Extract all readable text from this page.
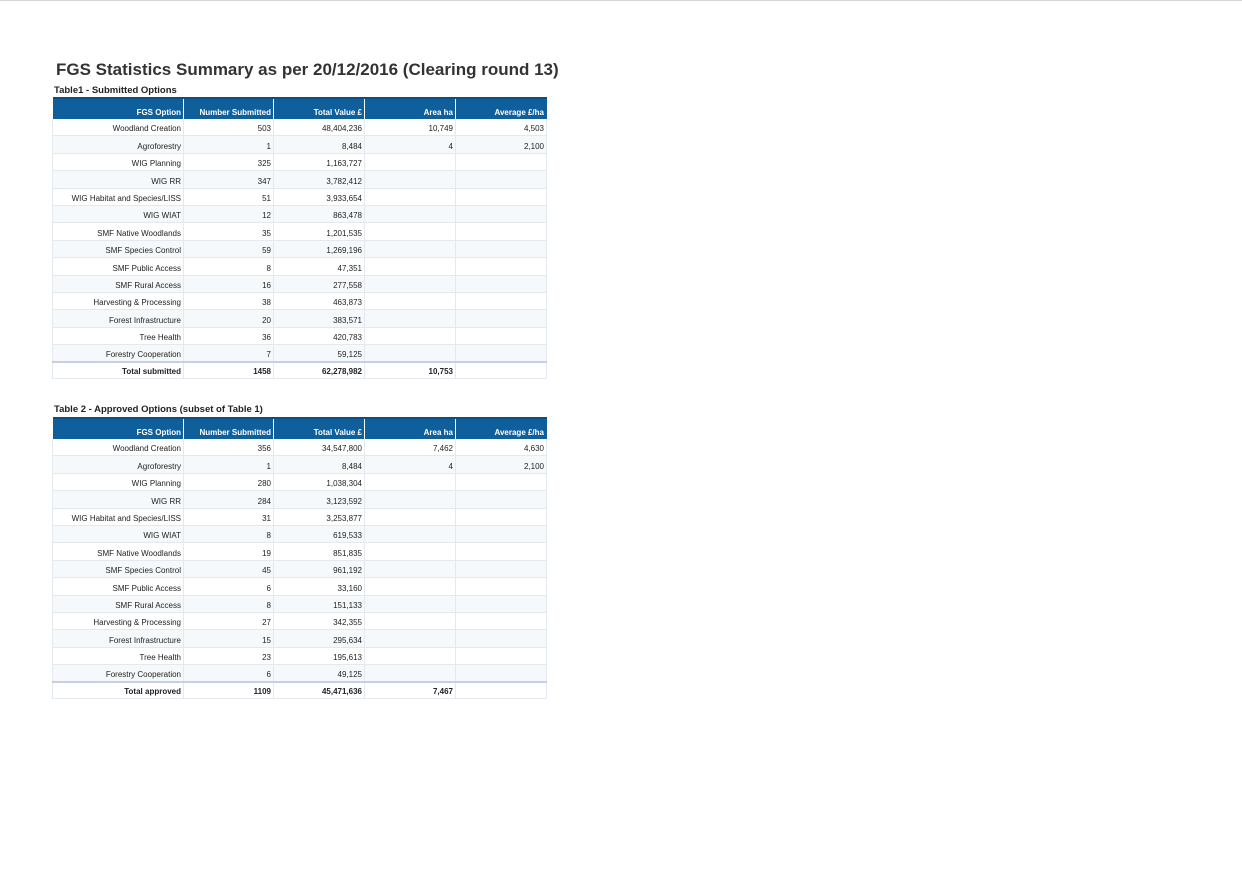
FGS Statistics Summary as per 20/12/2016 (Clearing round 13)
Table1 - Submitted Options
FGS Option	Number Submitted	Total Value £	Area ha	Average £/ha
Woodland Creation	503	48,404,236	10,749	4,503
Agroforestry	1	8,484	4	2,100
WIG Planning	325	1,163,727		
WIG RR	347	3,782,412		
WIG Habitat and Species/LISS	51	3,933,654		
WIG WIAT	12	863,478		
SMF Native Woodlands	35	1,201,535		
SMF Species Control	59	1,269,196		
SMF Public Access	8	47,351		
SMF Rural Access	16	277,558		
Harvesting & Processing	38	463,873		
Forest Infrastructure	20	383,571		
Tree Health	36	420,783		
Forestry Cooperation	7	59,125		
Total submitted	1458	62,278,982	10,753	
Table 2 - Approved Options (subset of Table 1)
FGS Option	Number Submitted	Total Value £	Area ha	Average £/ha
Woodland Creation	356	34,547,800	7,462	4,630
Agroforestry	1	8,484	4	2,100
WIG Planning	280	1,038,304		
WIG RR	284	3,123,592		
WIG Habitat and Species/LISS	31	3,253,877		
WIG WIAT	8	619,533		
SMF Native Woodlands	19	851,835		
SMF Species Control	45	961,192		
SMF Public Access	6	33,160		
SMF Rural Access	8	151,133		
Harvesting & Processing	27	342,355		
Forest Infrastructure	15	295,634		
Tree Health	23	195,613		
Forestry Cooperation	6	49,125		
Total approved	1109	45,471,636	7,467	
